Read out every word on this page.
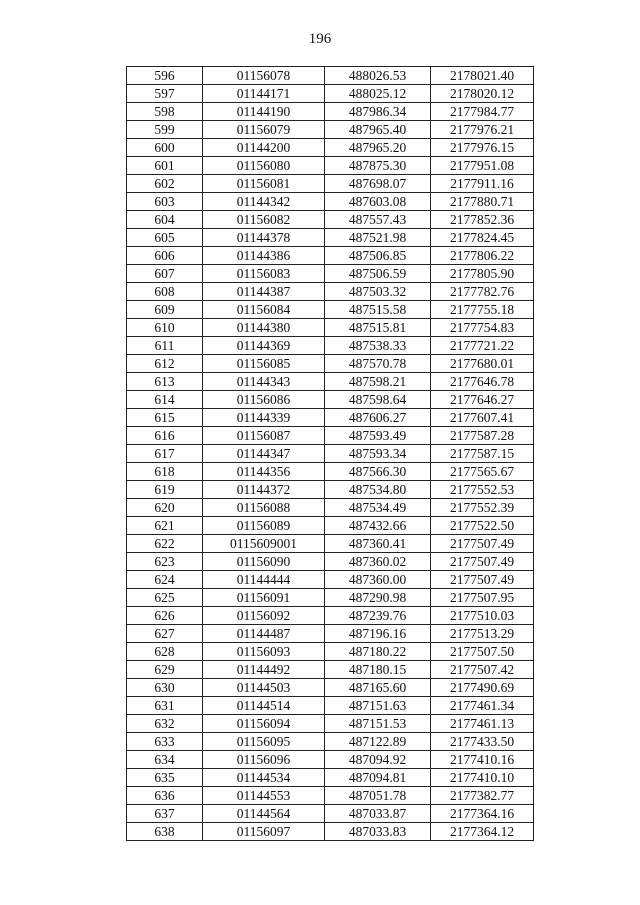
196
596	01156078	488026.53	2178021.40
597	01144171	488025.12	2178020.12
598	01144190	487986.34	2177984.77
599	01156079	487965.40	2177976.21
600	01144200	487965.20	2177976.15
601	01156080	487875.30	2177951.08
602	01156081	487698.07	2177911.16
603	01144342	487603.08	2177880.71
604	01156082	487557.43	2177852.36
605	01144378	487521.98	2177824.45
606	01144386	487506.85	2177806.22
607	01156083	487506.59	2177805.90
608	01144387	487503.32	2177782.76
609	01156084	487515.58	2177755.18
610	01144380	487515.81	2177754.83
611	01144369	487538.33	2177721.22
612	01156085	487570.78	2177680.01
613	01144343	487598.21	2177646.78
614	01156086	487598.64	2177646.27
615	01144339	487606.27	2177607.41
616	01156087	487593.49	2177587.28
617	01144347	487593.34	2177587.15
618	01144356	487566.30	2177565.67
619	01144372	487534.80	2177552.53
620	01156088	487534.49	2177552.39
621	01156089	487432.66	2177522.50
622	0115609001	487360.41	2177507.49
623	01156090	487360.02	2177507.49
624	01144444	487360.00	2177507.49
625	01156091	487290.98	2177507.95
626	01156092	487239.76	2177510.03
627	01144487	487196.16	2177513.29
628	01156093	487180.22	2177507.50
629	01144492	487180.15	2177507.42
630	01144503	487165.60	2177490.69
631	01144514	487151.63	2177461.34
632	01156094	487151.53	2177461.13
633	01156095	487122.89	2177433.50
634	01156096	487094.92	2177410.16
635	01144534	487094.81	2177410.10
636	01144553	487051.78	2177382.77
637	01144564	487033.87	2177364.16
638	01156097	487033.83	2177364.12
